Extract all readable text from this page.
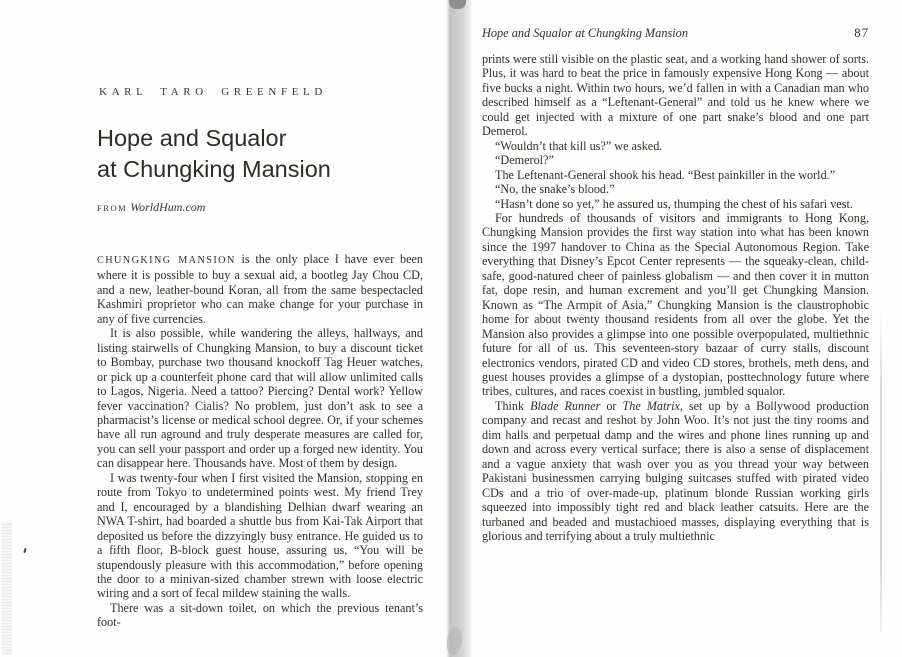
KARL TARO GREENFELD
Hope and Squalor
at Chungking Mansion
FROM WorldHum.com

CHUNGKING MANSION is the only place I have ever been where it is possible to buy a sexual aid, a bootleg Jay Chou CD, and a new, leather-bound Koran, all from the same bespectacled Kashmiri proprietor who can make change for your purchase in any of five currencies.

It is also possible, while wandering the alleys, hallways, and listing stairwells of Chungking Mansion, to buy a discount ticket to Bombay, purchase two thousand knockoff Tag Heuer watches, or pick up a counterfeit phone card that will allow unlimited calls to Lagos, Nigeria. Need a tattoo? Piercing? Dental work? Yellow fever vaccination? Cialis? No problem, just don’t ask to see a pharmacist’s license or medical school degree. Or, if your schemes have all run aground and truly desperate measures are called for, you can sell your passport and order up a forged new identity. You can disappear here. Thousands have. Most of them by design.

I was twenty-four when I first visited the Mansion, stopping en route from Tokyo to undetermined points west. My friend Trey and I, encouraged by a blandishing Delhian dwarf wearing an NWA T-shirt, had boarded a shuttle bus from Kai-Tak Airport that deposited us before the dizzyingly busy entrance. He guided us to a fifth floor, B-block guest house, assuring us, “You will be stupendously pleasure with this accommodation,” before opening the door to a minivan-sized chamber strewn with loose electric wiring and a sort of fecal mildew staining the walls.

There was a sit-down toilet, on which the previous tenant’s foot-

Hope and Squalor at Chungking Mansion	87

prints were still visible on the plastic seat, and a working hand shower of sorts. Plus, it was hard to beat the price in famously expensive Hong Kong — about five bucks a night. Within two hours, we’d fallen in with a Canadian man who described himself as a “Leftenant-General” and told us he knew where we could get injected with a mixture of one part snake’s blood and one part Demerol.

“Wouldn’t that kill us?” we asked.

“Demerol?”

The Leftenant-General shook his head. “Best painkiller in the world.”

“No, the snake’s blood.”

“Hasn’t done so yet,” he assured us, thumping the chest of his safari vest.

For hundreds of thousands of visitors and immigrants to Hong Kong, Chungking Mansion provides the first way station into what has been known since the 1997 handover to China as the Special Autonomous Region. Take everything that Disney’s Epcot Center represents — the squeaky-clean, child-safe, good-natured cheer of painless globalism — and then cover it in mutton fat, dope resin, and human excrement and you’ll get Chungking Mansion. Known as “The Armpit of Asia,” Chungking Mansion is the claustrophobic home for about twenty thousand residents from all over the globe. Yet the Mansion also provides a glimpse into one possible overpopulated, multiethnic future for all of us. This seventeen-story bazaar of curry stalls, discount electronics vendors, pirated CD and video CD stores, brothels, meth dens, and guest houses provides a glimpse of a dystopian, posttechnology future where tribes, cultures, and races coexist in bustling, jumbled squalor.

Think Blade Runner or The Matrix, set up by a Bollywood production company and recast and reshot by John Woo. It’s not just the tiny rooms and dim halls and perpetual damp and the wires and phone lines running up and down and across every vertical surface; there is also a sense of displacement and a vague anxiety that wash over you as you thread your way between Pakistani businessmen carrying bulging suitcases stuffed with pirated video CDs and a trio of over-made-up, platinum blonde Russian working girls squeezed into impossibly tight red and black leather catsuits. Here are the turbaned and beaded and mustachioed masses, displaying everything that is glorious and terrifying about a truly multiethnic
